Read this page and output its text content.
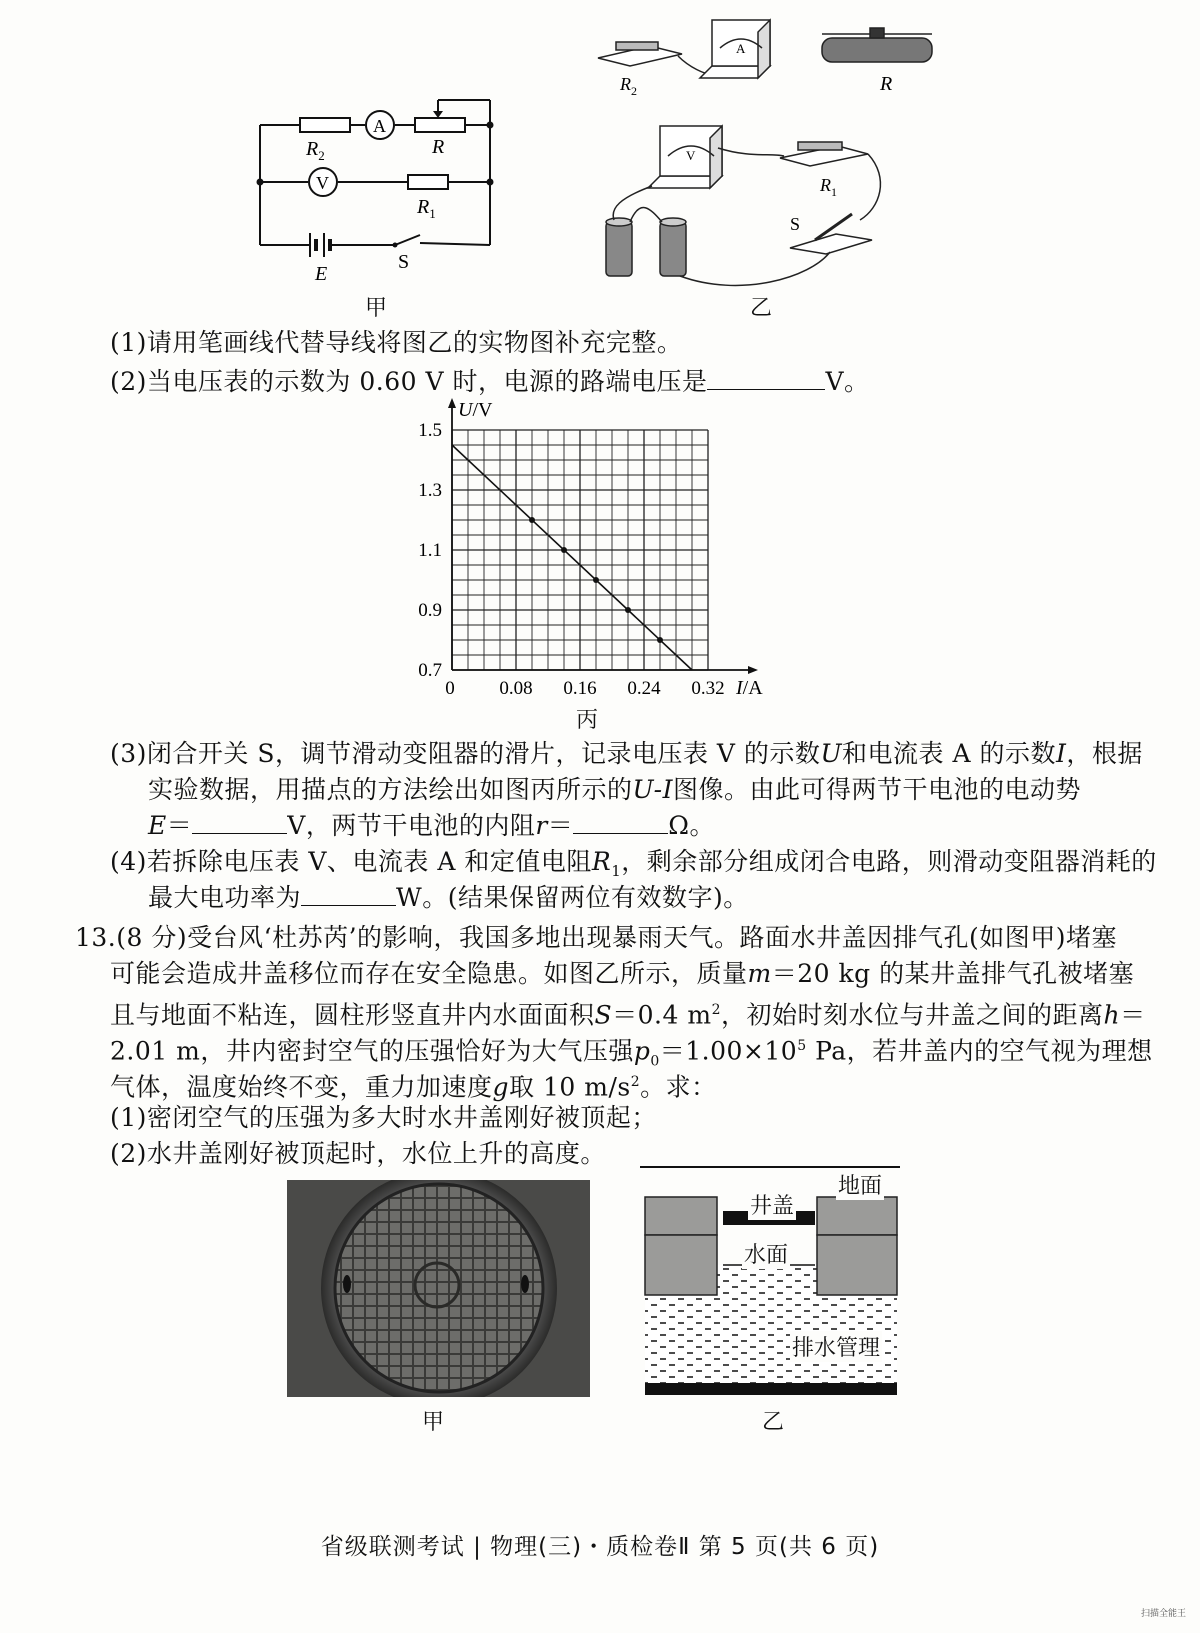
$R_2$
A
R
V
$R_1$
E
S
甲
$R_2$
A
R
V
$R_1$
S
乙
(1)请用笔画线代替导线将图乙的实物图补充完整。
(2)当电压表的示数为 0.60 V 时，电源的路端电压是	V。
0 0.08 0.16 0.24 0.32
1.5
1.3
1.1
0.9
0.7
U/V
I/A
丙
(3)闭合开关 S，调节滑动变阻器的滑片，记录电压表 V 的示数U和电流表 A 的示数I，根据
实验数据，用描点的方法绘出如图丙所示的U-I图像。由此可得两节干电池的电动势
E＝	V，两节干电池的内阻r＝	Ω。
(4)若拆除电压表 V、电流表 A 和定值电阻$R_1$，剩余部分组成闭合电路，则滑动变阻器消耗的
最大电功率为	W。(结果保留两位有效数字)。
13.(8 分)受台风‘杜苏芮’的影响，我国多地出现暴雨天气。路面水井盖因排气孔(如图甲)堵塞
可能会造成井盖移位而存在安全隐患。如图乙所示，质量m＝20 kg 的某井盖排气孔被堵塞
且与地面不粘连，圆柱形竖直井内水面面积S＝0.4 $m^2$，初始时刻水位与井盖之间的距离h＝
2.01 m，井内密封空气的压强恰好为大气压强$p_0=1.00\times 10^5$ Pa，若井盖内的空气视为理想
气体，温度始终不变，重力加速度g取 10 $m/s^2$。求：
(1)密闭空气的压强为多大时水井盖刚好被顶起；
(2)水井盖刚好被顶起时，水位上升的高度。
甲
地面
井盖
水面
排水管理
乙
省级联测考试 | 物理(三)・质检卷Ⅱ 第 5 页(共 6 页)
扫描全能王
